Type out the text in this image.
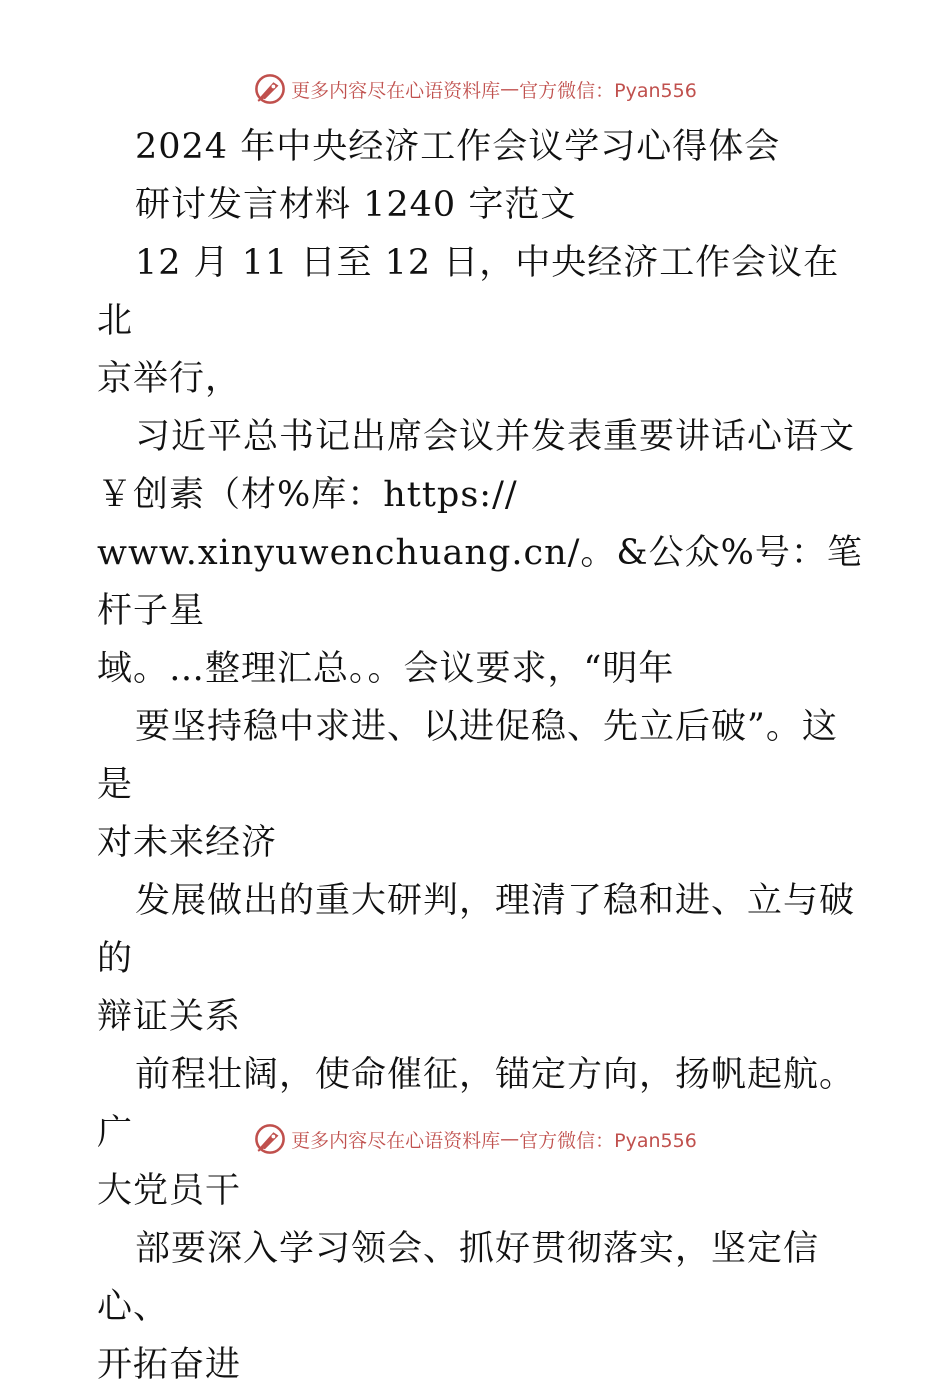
更多内容尽在心语资料库 — 官方微信：Pyan556

2024 年中央经济工作会议学习心得体会

研讨发言材料 1240 字范文

12 月 11 日至 12 日，中央经济工作会议在北

京举行，

习近平总书记出席会议并发表重要讲话心语文

￥创素（材%库：https://

www.xinyuwenchuang.cn/。&公众%号：笔杆子星

域。…整理汇总。。会议要求，“明年

要坚持稳中求进、以进促稳、先立后破”。这是

对未来经济

发展做出的重大研判，理清了稳和进、立与破的

辩证关系

前程壮阔，使命催征，锚定方向，扬帆起航。广

大党员干

部要深入学习领会、抓好贯彻落实，坚定信心、

开拓奋进

更多内容尽在心语资料库 — 官方微信：Pyan556
